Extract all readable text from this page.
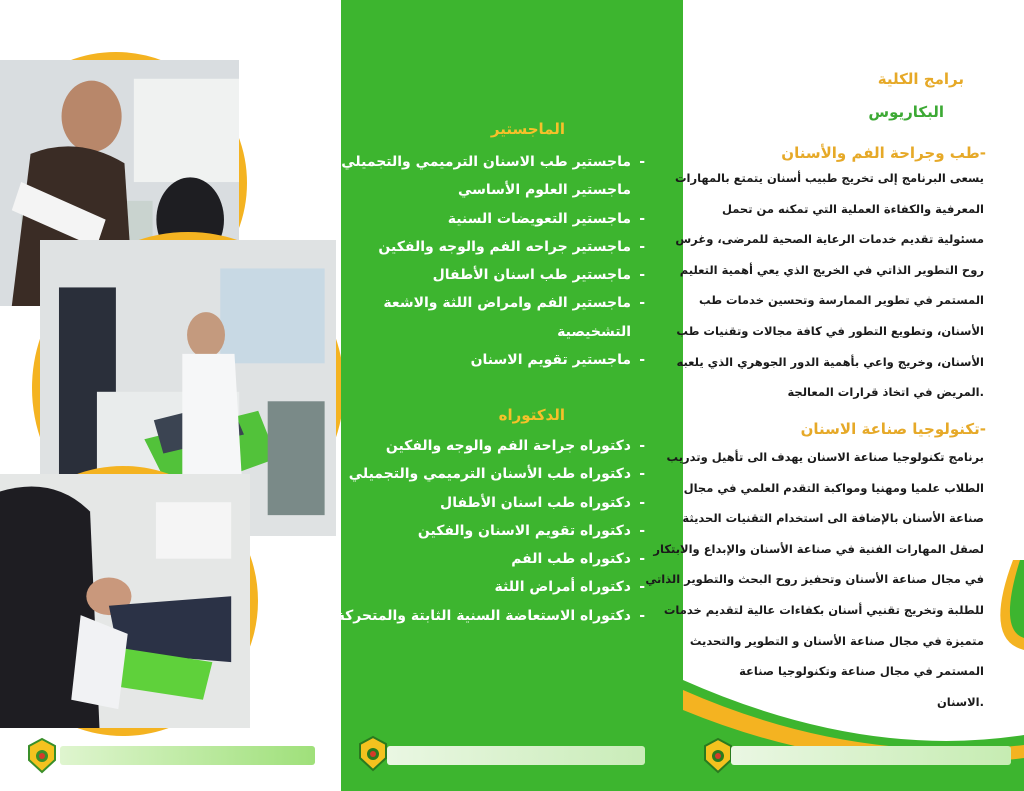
الماجستير
-ماجستير طب الاسنان الترميمي والتجميلي
ماجستير العلوم الأساسي
-ماجستير التعويضات السنية
-ماجستير جراحه الفم والوجه والفكين
-ماجستير طب اسنان الأطفال
-ماجستير الفم وامراض اللثة والاشعة
التشخيصية
-ماجستير تقويم الاسنان
الدكتوراه
-دكتوراه جراحة الفم والوجه والفكين
-دكتوراه طب الأسنان الترميمي والتجميلي
-دكتوراه طب اسنان الأطفال
-دكتوراه تقويم الاسنان والفكين
-دكتوراه طب الفم
-دكتوراه أمراض اللثة
-دكتوراه الاستعاضة السنية الثابتة والمتحركة
برامج الكلية
البكاريوس
-طب وجراحة الفم والأسنان
يسعى البرنامج إلى تخريج طبيب أسنان يتمتع بالمهارات
المعرفية والكفاءة العملية التي تمكنه من تحمل
مسئولية تقديم خدمات الرعاية الصحية للمرضى، وغرس
روح التطوير الذاتي في الخريج الذي يعي أهمية التعليم
المستمر في تطوير الممارسة وتحسين خدمات طب
الأسنان، وتطويع التطور في كافة مجالات وتقنيات طب
الأسنان، وخريج واعي بأهمية الدور الجوهري الذي يلعبه
.المريض في اتخاذ قرارات المعالجة
-تكنولوجيا صناعة الاسنان
برنامج تكنولوجيا صناعة الاسنان يهدف الى تأهيل وتدريب
الطلاب علميا ومهنيا ومواكبة التقدم العلمي في مجال
صناعة الأسنان بالإضافة الى استخدام التقنيات الحديثة
لصقل المهارات الفنية في صناعة الأسنان والإبداع والابتكار
في مجال صناعة الأسنان وتحفيز روح البحث والتطوير الذاتي
للطلبة وتخريج تقنيي أسنان بكفاءات عالية لتقديم خدمات
متميزة في مجال صناعة الأسنان و التطوير والتحديث
المستمر في مجال صناعة وتكنولوجيا صناعة
.الاسنان
